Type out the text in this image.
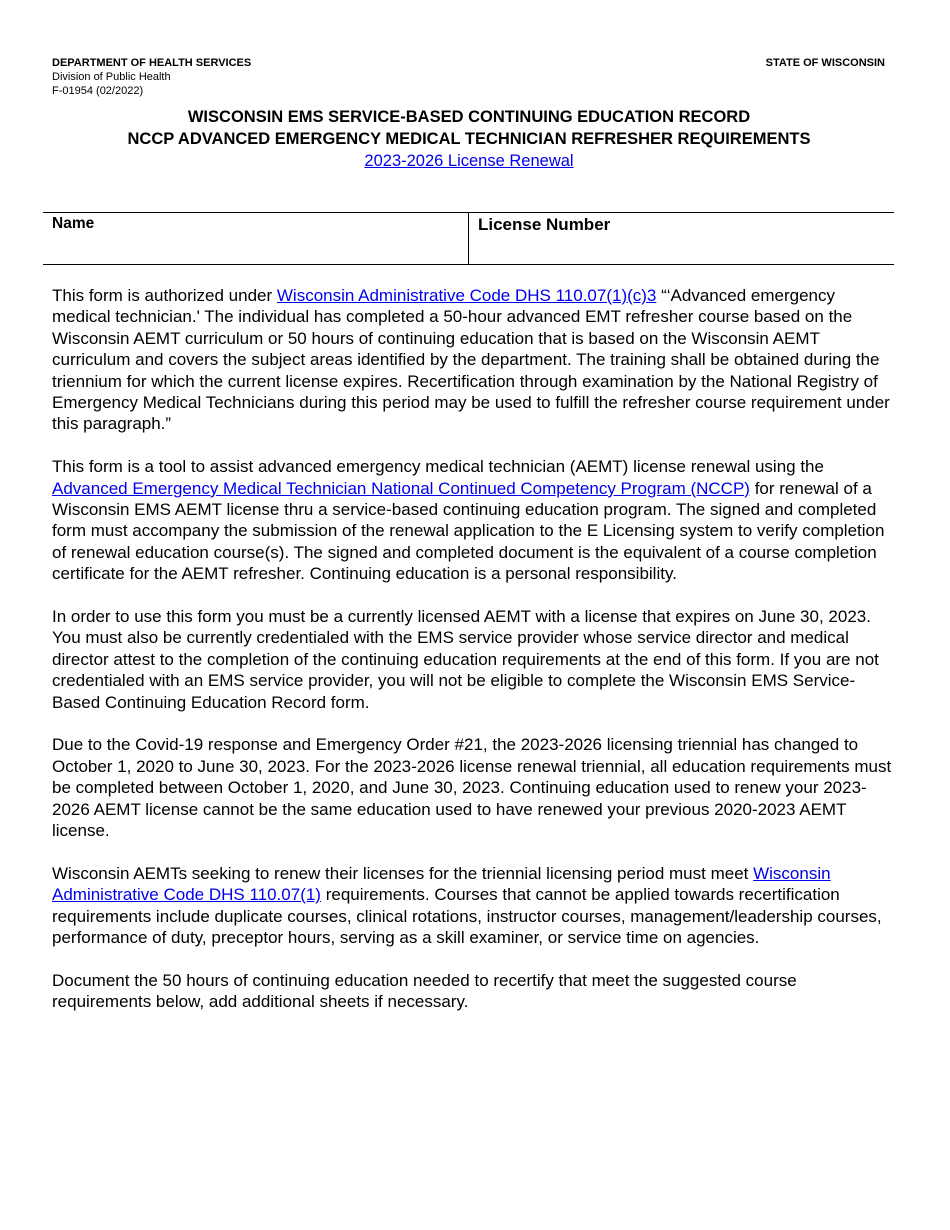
DEPARTMENT OF HEALTH SERVICES
Division of Public Health
F-01954 (02/2022)
STATE OF WISCONSIN
WISCONSIN EMS SERVICE-BASED CONTINUING EDUCATION RECORD
NCCP ADVANCED EMERGENCY MEDICAL TECHNICIAN REFRESHER REQUIREMENTS
2023-2026 License Renewal
Name	License Number

This form is authorized under Wisconsin Administrative Code DHS 110.07(1)(c)3 “‘Advanced emergency medical technician.' The individual has completed a 50-hour advanced EMT refresher course based on the Wisconsin AEMT curriculum or 50 hours of continuing education that is based on the Wisconsin AEMT curriculum and covers the subject areas identified by the department. The training shall be obtained during the triennium for which the current license expires. Recertification through examination by the National Registry of Emergency Medical Technicians during this period may be used to fulfill the refresher course requirement under this paragraph.”

This form is a tool to assist advanced emergency medical technician (AEMT) license renewal using the Advanced Emergency Medical Technician National Continued Competency Program (NCCP) for renewal of a Wisconsin EMS AEMT license thru a service-based continuing education program. The signed and completed form must accompany the submission of the renewal application to the E Licensing system to verify completion of renewal education course(s). The signed and completed document is the equivalent of a course completion certificate for the AEMT refresher. Continuing education is a personal responsibility.

In order to use this form you must be a currently licensed AEMT with a license that expires on June 30, 2023. You must also be currently credentialed with the EMS service provider whose service director and medical director attest to the completion of the continuing education requirements at the end of this form. If you are not credentialed with an EMS service provider, you will not be eligible to complete the Wisconsin EMS Service-Based Continuing Education Record form.

Due to the Covid-19 response and Emergency Order #21, the 2023-2026 licensing triennial has changed to October 1, 2020 to June 30, 2023. For the 2023-2026 license renewal triennial, all education requirements must be completed between October 1, 2020, and June 30, 2023. Continuing education used to renew your 2023-2026 AEMT license cannot be the same education used to have renewed your previous 2020-2023 AEMT license.

Wisconsin AEMTs seeking to renew their licenses for the triennial licensing period must meet Wisconsin Administrative Code DHS 110.07(1) requirements. Courses that cannot be applied towards recertification requirements include duplicate courses, clinical rotations, instructor courses, management/leadership courses, performance of duty, preceptor hours, serving as a skill examiner, or service time on agencies.

Document the 50 hours of continuing education needed to recertify that meet the suggested course requirements below, add additional sheets if necessary.
